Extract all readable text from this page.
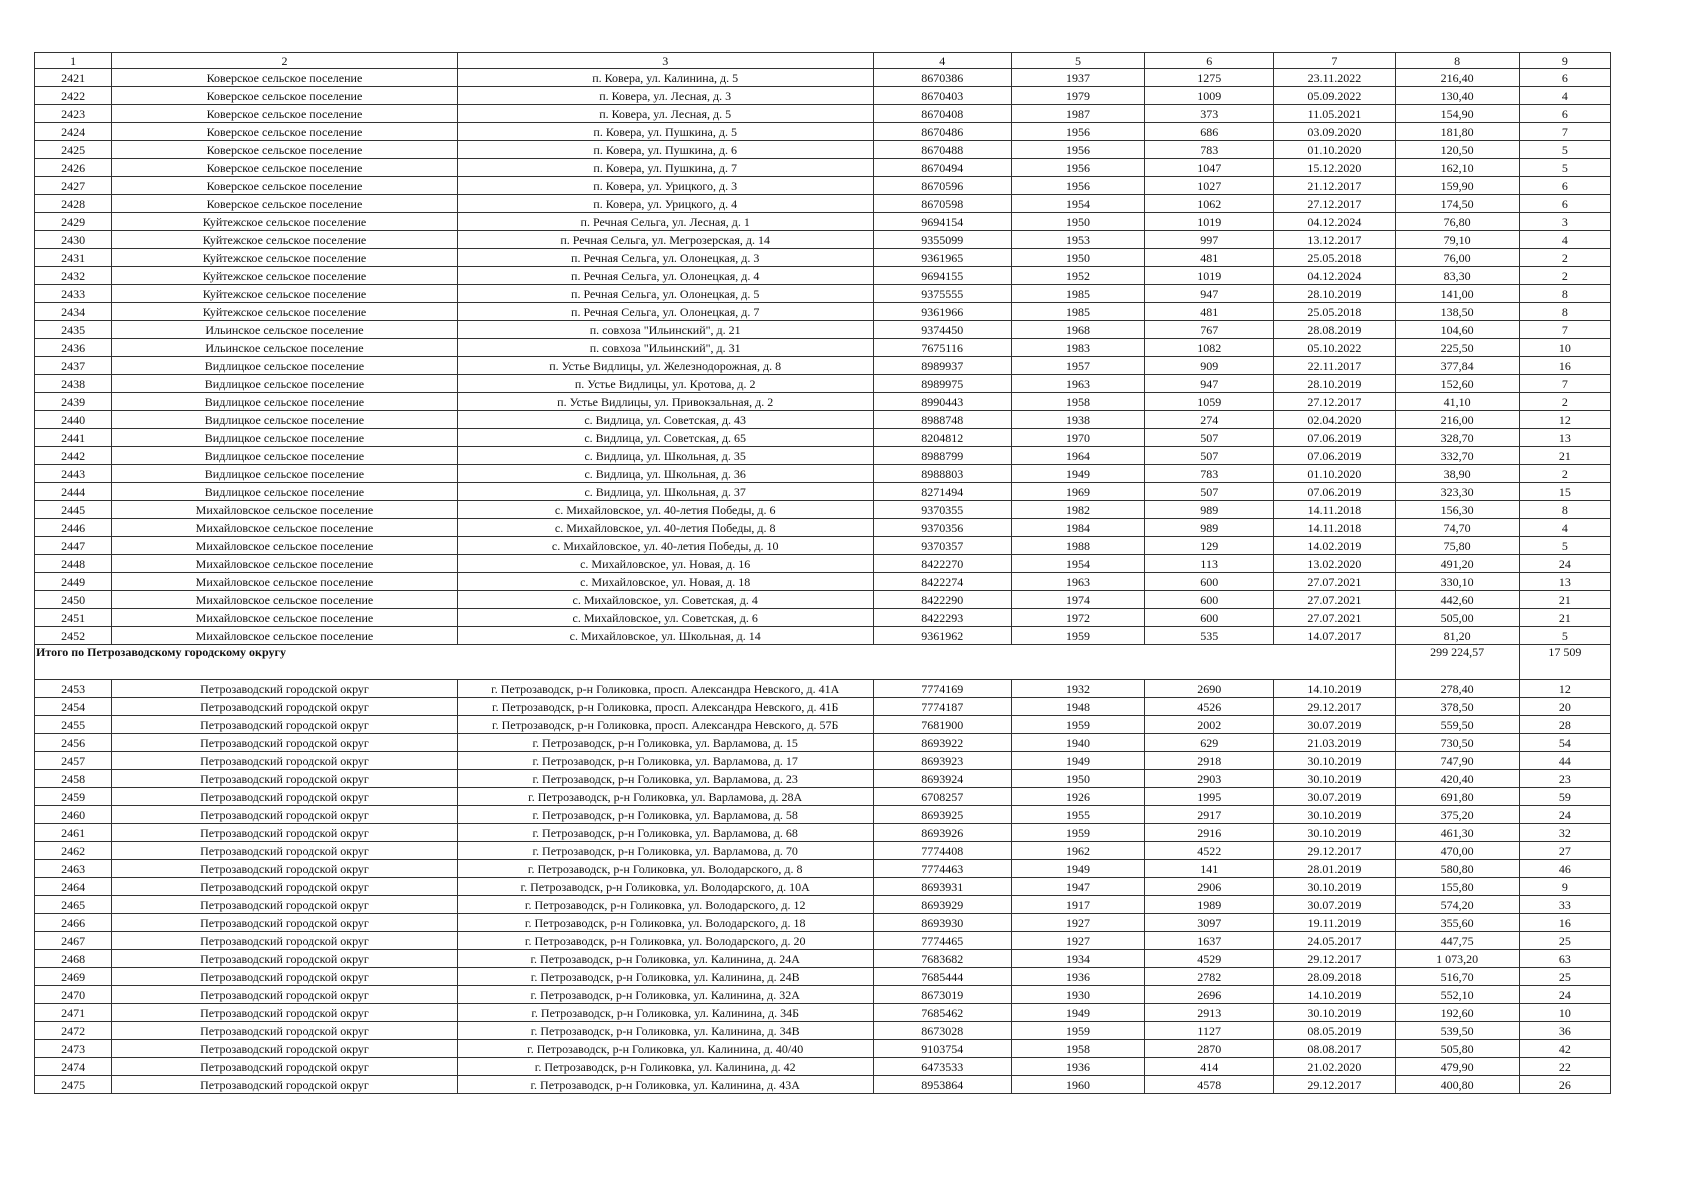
1	2	3	4	5	6	7	8	9
2421	Коверское сельское поселение	п. Ковера, ул. Калинина, д. 5	8670386	1937	1275	23.11.2022	216,40	6
2422	Коверское сельское поселение	п. Ковера, ул. Лесная, д. 3	8670403	1979	1009	05.09.2022	130,40	4
2423	Коверское сельское поселение	п. Ковера, ул. Лесная, д. 5	8670408	1987	373	11.05.2021	154,90	6
2424	Коверское сельское поселение	п. Ковера, ул. Пушкина, д. 5	8670486	1956	686	03.09.2020	181,80	7
2425	Коверское сельское поселение	п. Ковера, ул. Пушкина, д. 6	8670488	1956	783	01.10.2020	120,50	5
2426	Коверское сельское поселение	п. Ковера, ул. Пушкина, д. 7	8670494	1956	1047	15.12.2020	162,10	5
2427	Коверское сельское поселение	п. Ковера, ул. Урицкого, д. 3	8670596	1956	1027	21.12.2017	159,90	6
2428	Коверское сельское поселение	п. Ковера, ул. Урицкого, д. 4	8670598	1954	1062	27.12.2017	174,50	6
2429	Куйтежское сельское поселение	п. Речная Сельга, ул. Лесная, д. 1	9694154	1950	1019	04.12.2024	76,80	3
2430	Куйтежское сельское поселение	п. Речная Сельга, ул. Мегрозерская, д. 14	9355099	1953	997	13.12.2017	79,10	4
2431	Куйтежское сельское поселение	п. Речная Сельга, ул. Олонецкая, д. 3	9361965	1950	481	25.05.2018	76,00	2
2432	Куйтежское сельское поселение	п. Речная Сельга, ул. Олонецкая, д. 4	9694155	1952	1019	04.12.2024	83,30	2
2433	Куйтежское сельское поселение	п. Речная Сельга, ул. Олонецкая, д. 5	9375555	1985	947	28.10.2019	141,00	8
2434	Куйтежское сельское поселение	п. Речная Сельга, ул. Олонецкая, д. 7	9361966	1985	481	25.05.2018	138,50	8
2435	Ильинское сельское поселение	п. совхоза "Ильинский", д. 21	9374450	1968	767	28.08.2019	104,60	7
2436	Ильинское сельское поселение	п. совхоза "Ильинский", д. 31	7675116	1983	1082	05.10.2022	225,50	10
2437	Видлицкое сельское поселение	п. Устье Видлицы, ул. Железнодорожная, д. 8	8989937	1957	909	22.11.2017	377,84	16
2438	Видлицкое сельское поселение	п. Устье Видлицы, ул. Кротова, д. 2	8989975	1963	947	28.10.2019	152,60	7
2439	Видлицкое сельское поселение	п. Устье Видлицы, ул. Привокзальная, д. 2	8990443	1958	1059	27.12.2017	41,10	2
2440	Видлицкое сельское поселение	с. Видлица, ул. Советская, д. 43	8988748	1938	274	02.04.2020	216,00	12
2441	Видлицкое сельское поселение	с. Видлица, ул. Советская, д. 65	8204812	1970	507	07.06.2019	328,70	13
2442	Видлицкое сельское поселение	с. Видлица, ул. Школьная, д. 35	8988799	1964	507	07.06.2019	332,70	21
2443	Видлицкое сельское поселение	с. Видлица, ул. Школьная, д. 36	8988803	1949	783	01.10.2020	38,90	2
2444	Видлицкое сельское поселение	с. Видлица, ул. Школьная, д. 37	8271494	1969	507	07.06.2019	323,30	15
2445	Михайловское сельское поселение	с. Михайловское, ул. 40-летия Победы, д. 6	9370355	1982	989	14.11.2018	156,30	8
2446	Михайловское сельское поселение	с. Михайловское, ул. 40-летия Победы, д. 8	9370356	1984	989	14.11.2018	74,70	4
2447	Михайловское сельское поселение	с. Михайловское, ул. 40-летия Победы, д. 10	9370357	1988	129	14.02.2019	75,80	5
2448	Михайловское сельское поселение	с. Михайловское, ул. Новая, д. 16	8422270	1954	113	13.02.2020	491,20	24
2449	Михайловское сельское поселение	с. Михайловское, ул. Новая, д. 18	8422274	1963	600	27.07.2021	330,10	13
2450	Михайловское сельское поселение	с. Михайловское, ул. Советская, д. 4	8422290	1974	600	27.07.2021	442,60	21
2451	Михайловское сельское поселение	с. Михайловское, ул. Советская, д. 6	8422293	1972	600	27.07.2021	505,00	21
2452	Михайловское сельское поселение	с. Михайловское, ул. Школьная, д. 14	9361962	1959	535	14.07.2017	81,20	5
Итого по Петрозаводскому городскому округу							299 224,57	17 509
2453	Петрозаводский городской округ	г. Петрозаводск, р-н Голиковка, просп. Александра Невского, д. 41А	7774169	1932	2690	14.10.2019	278,40	12
2454	Петрозаводский городской округ	г. Петрозаводск, р-н Голиковка, просп. Александра Невского, д. 41Б	7774187	1948	4526	29.12.2017	378,50	20
2455	Петрозаводский городской округ	г. Петрозаводск, р-н Голиковка, просп. Александра Невского, д. 57Б	7681900	1959	2002	30.07.2019	559,50	28
2456	Петрозаводский городской округ	г. Петрозаводск, р-н Голиковка, ул. Варламова, д. 15	8693922	1940	629	21.03.2019	730,50	54
2457	Петрозаводский городской округ	г. Петрозаводск, р-н Голиковка, ул. Варламова, д. 17	8693923	1949	2918	30.10.2019	747,90	44
2458	Петрозаводский городской округ	г. Петрозаводск, р-н Голиковка, ул. Варламова, д. 23	8693924	1950	2903	30.10.2019	420,40	23
2459	Петрозаводский городской округ	г. Петрозаводск, р-н Голиковка, ул. Варламова, д. 28А	6708257	1926	1995	30.07.2019	691,80	59
2460	Петрозаводский городской округ	г. Петрозаводск, р-н Голиковка, ул. Варламова, д. 58	8693925	1955	2917	30.10.2019	375,20	24
2461	Петрозаводский городской округ	г. Петрозаводск, р-н Голиковка, ул. Варламова, д. 68	8693926	1959	2916	30.10.2019	461,30	32
2462	Петрозаводский городской округ	г. Петрозаводск, р-н Голиковка, ул. Варламова, д. 70	7774408	1962	4522	29.12.2017	470,00	27
2463	Петрозаводский городской округ	г. Петрозаводск, р-н Голиковка, ул. Володарского, д. 8	7774463	1949	141	28.01.2019	580,80	46
2464	Петрозаводский городской округ	г. Петрозаводск, р-н Голиковка, ул. Володарского, д. 10А	8693931	1947	2906	30.10.2019	155,80	9
2465	Петрозаводский городской округ	г. Петрозаводск, р-н Голиковка, ул. Володарского, д. 12	8693929	1917	1989	30.07.2019	574,20	33
2466	Петрозаводский городской округ	г. Петрозаводск, р-н Голиковка, ул. Володарского, д. 18	8693930	1927	3097	19.11.2019	355,60	16
2467	Петрозаводский городской округ	г. Петрозаводск, р-н Голиковка, ул. Володарского, д. 20	7774465	1927	1637	24.05.2017	447,75	25
2468	Петрозаводский городской округ	г. Петрозаводск, р-н Голиковка, ул. Калинина, д. 24А	7683682	1934	4529	29.12.2017	1 073,20	63
2469	Петрозаводский городской округ	г. Петрозаводск, р-н Голиковка, ул. Калинина, д. 24В	7685444	1936	2782	28.09.2018	516,70	25
2470	Петрозаводский городской округ	г. Петрозаводск, р-н Голиковка, ул. Калинина, д. 32А	8673019	1930	2696	14.10.2019	552,10	24
2471	Петрозаводский городской округ	г. Петрозаводск, р-н Голиковка, ул. Калинина, д. 34Б	7685462	1949	2913	30.10.2019	192,60	10
2472	Петрозаводский городской округ	г. Петрозаводск, р-н Голиковка, ул. Калинина, д. 34В	8673028	1959	1127	08.05.2019	539,50	36
2473	Петрозаводский городской округ	г. Петрозаводск, р-н Голиковка, ул. Калинина, д. 40/40	9103754	1958	2870	08.08.2017	505,80	42
2474	Петрозаводский городской округ	г. Петрозаводск, р-н Голиковка, ул. Калинина, д. 42	6473533	1936	414	21.02.2020	479,90	22
2475	Петрозаводский городской округ	г. Петрозаводск, р-н Голиковка, ул. Калинина, д. 43А	8953864	1960	4578	29.12.2017	400,80	26
